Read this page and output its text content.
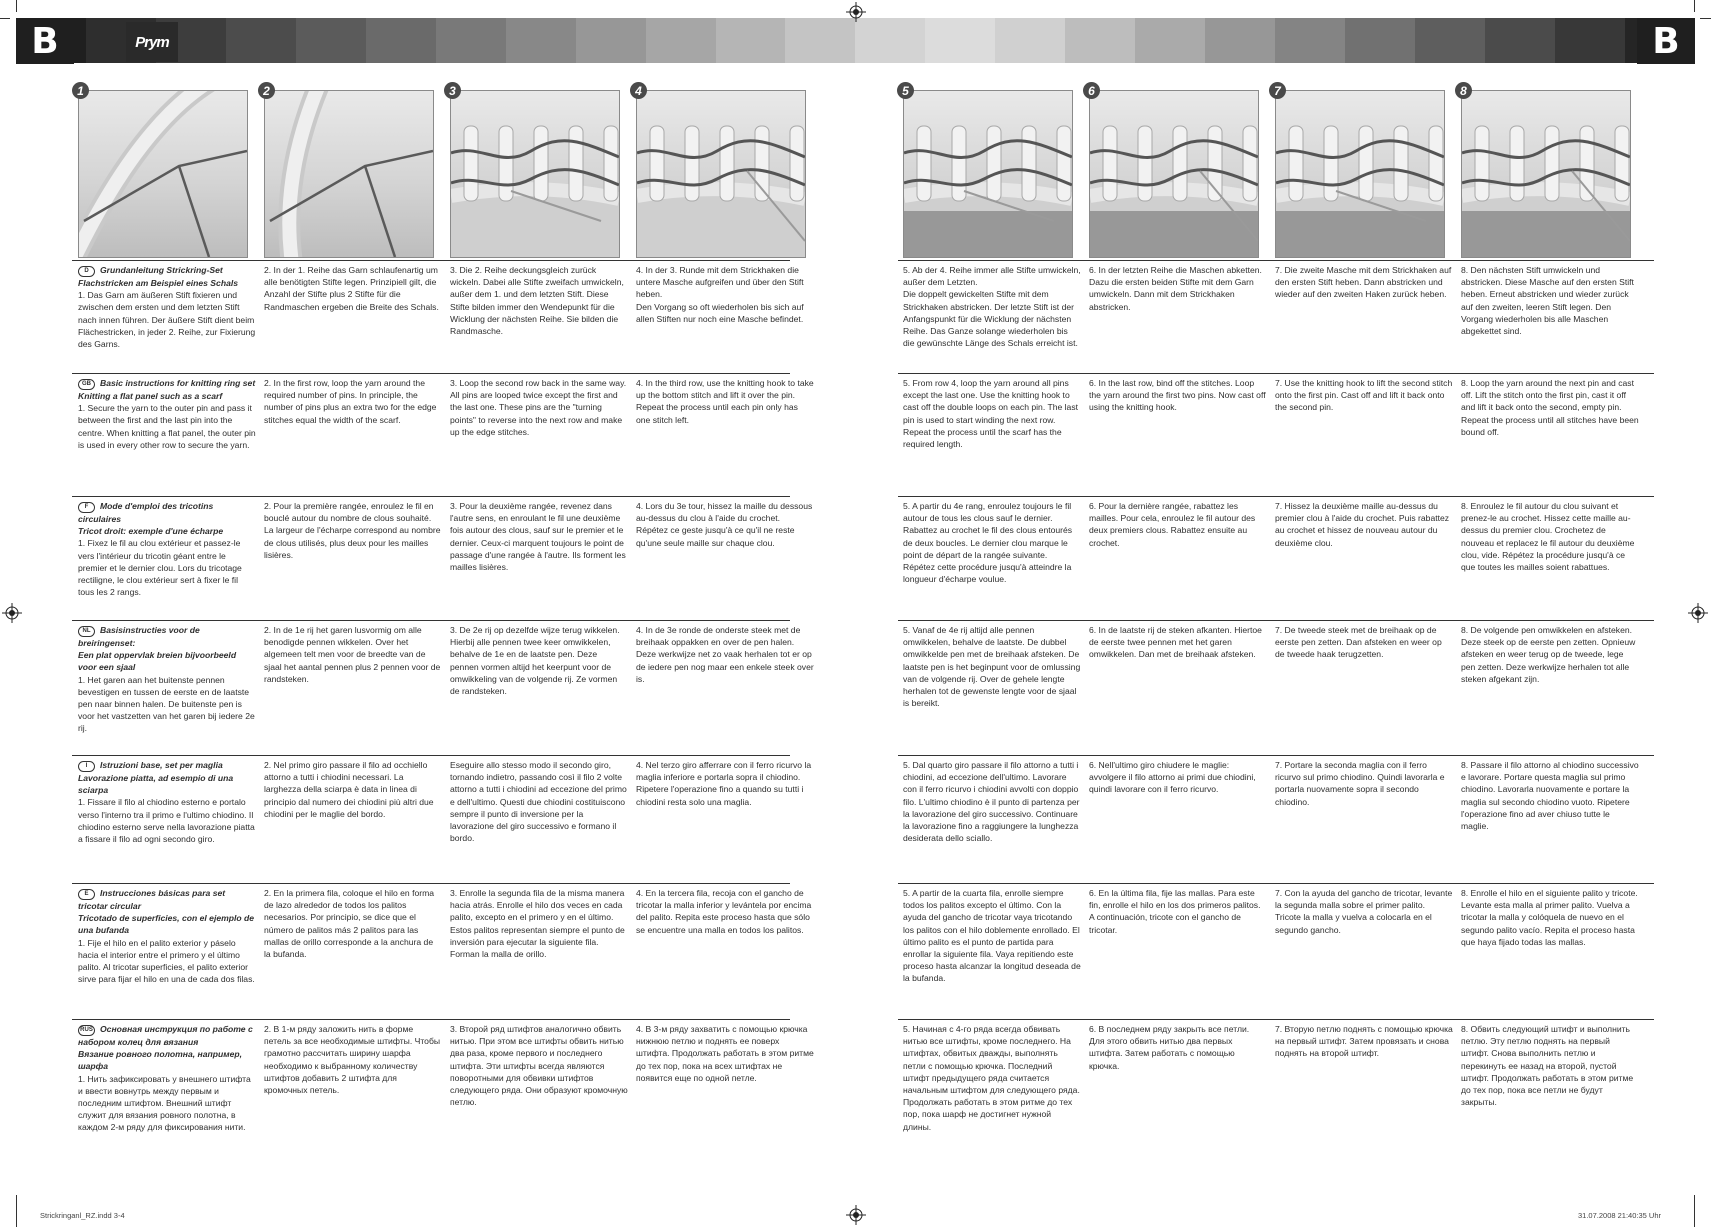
B	B
Prym
1	2	3	4	5	6	7	8
D Grundanleitung Strickring-Set
Flachstricken am Beispiel eines Schals
1. Das Garn am äußeren Stift fixieren und zwischen dem ersten und dem letzten Stift nach innen führen. Der äußere Stift dient beim Flächestricken, in jeder 2. Reihe, zur Fixierung des Garns.
2. In der 1. Reihe das Garn schlaufenartig um alle benötigten Stifte legen. Prinzipiell gilt, die Anzahl der Stifte plus 2 Stifte für die Randmaschen ergeben die Breite des Schals.
3. Die 2. Reihe deckungsgleich zurück wickeln. Dabei alle Stifte zweifach umwickeln, außer dem 1. und dem letzten Stift. Diese Stifte bilden immer den Wendepunkt für die Wicklung der nächsten Reihe. Sie bilden die Randmasche.
4. In der 3. Runde mit dem Strickhaken die untere Masche aufgreifen und über den Stift heben.
Den Vorgang so oft wiederholen bis sich auf allen Stiften nur noch eine Masche befindet.
5. Ab der 4. Reihe immer alle Stifte umwickeln, außer dem Letzten.
Die doppelt gewickelten Stifte mit dem Strickhaken abstricken. Der letzte Stift ist der Anfangspunkt für die Wicklung der nächsten Reihe. Das Ganze solange wiederholen bis die gewünschte Länge des Schals erreicht ist.
6. In der letzten Reihe die Maschen abketten. Dazu die ersten beiden Stifte mit dem Garn umwickeln. Dann mit dem Strickhaken abstricken.
7. Die zweite Masche mit dem Strickhaken auf den ersten Stift heben. Dann abstricken und wieder auf den zweiten Haken zurück heben.
8. Den nächsten Stift umwickeln und abstricken. Diese Masche auf den ersten Stift heben. Erneut abstricken und wieder zurück auf den zweiten, leeren Stift legen. Den Vorgang wiederholen bis alle Maschen abgekettet sind.
GB Basic instructions for knitting ring set
Knitting a flat panel such as a scarf
1. Secure the yarn to the outer pin and pass it between the first and the last pin into the centre. When knitting a flat panel, the outer pin is used in every other row to secure the yarn.
2. In the first row, loop the yarn around the required number of pins. In principle, the number of pins plus an extra two for the edge stitches equal the width of the scarf.
3. Loop the second row back in the same way. All pins are looped twice except the first and the last one. These pins are the "turning points" to reverse into the next row and make up the edge stitches.
4. In the third row, use the knitting hook to take up the bottom stitch and lift it over the pin. Repeat the process until each pin only has one stitch left.
5. From row 4, loop the yarn around all pins except the last one. Use the knitting hook to cast off the double loops on each pin. The last pin is used to start winding the next row. Repeat the process until the scarf has the required length.
6. In the last row, bind off the stitches. Loop the yarn around the first two pins. Now cast off using the knitting hook.
7. Use the knitting hook to lift the second stitch onto the first pin. Cast off and lift it back onto the second pin.
8. Loop the yarn around the next pin and cast off. Lift the stitch onto the first pin, cast it off and lift it back onto the second, empty pin. Repeat the process until all stitches have been bound off.
F Mode d'emploi des tricotins circulaires
Tricot droit: exemple d'une écharpe
1. Fixez le fil au clou extérieur et passez-le vers l'intérieur du tricotin géant entre le premier et le dernier clou. Lors du tricotage rectiligne, le clou extérieur sert à fixer le fil tous les 2 rangs.
2. Pour la première rangée, enroulez le fil en bouclé autour du nombre de clous souhaité. La largeur de l'écharpe correspond au nombre de clous utilisés, plus deux pour les mailles lisières.
3. Pour la deuxième rangée, revenez dans l'autre sens, en enroulant le fil une deuxième fois autour des clous, sauf sur le premier et le dernier. Ceux-ci marquent toujours le point de passage d'une rangée à l'autre. Ils forment les mailles lisières.
4. Lors du 3e tour, hissez la maille du dessous au-dessus du clou à l'aide du crochet. Répétez ce geste jusqu'à ce qu'il ne reste qu'une seule maille sur chaque clou.
5. A partir du 4e rang, enroulez toujours le fil autour de tous les clous sauf le dernier. Rabattez au crochet le fil des clous entourés de deux boucles. Le dernier clou marque le point de départ de la rangée suivante. Répétez cette procédure jusqu'à atteindre la longueur d'écharpe voulue.
6. Pour la dernière rangée, rabattez les mailles. Pour cela, enroulez le fil autour des deux premiers clous. Rabattez ensuite au crochet.
7. Hissez la deuxième maille au-dessus du premier clou à l'aide du crochet. Puis rabattez au crochet et hissez de nouveau autour du deuxième clou.
8. Enroulez le fil autour du clou suivant et prenez-le au crochet. Hissez cette maille au-dessus du premier clou. Crochetez de nouveau et replacez le fil autour du deuxième clou, vide. Répétez la procédure jusqu'à ce que toutes les mailles soient rabattues.
NL Basisinstructies voor de breiringenset:
Een plat oppervlak breien bijvoorbeeld voor een sjaal
1. Het garen aan het buitenste pennen bevestigen en tussen de eerste en de laatste pen naar binnen halen. De buitenste pen is voor het vastzetten van het garen bij iedere 2e rij.
2. In de 1e rij het garen lusvormig om alle benodigde pennen wikkelen. Over het algemeen telt men voor de breedte van de sjaal het aantal pennen plus 2 pennen voor de randsteken.
3. De 2e rij op dezelfde wijze terug wikkelen. Hierbij alle pennen twee keer omwikkelen, behalve de 1e en de laatste pen. Deze pennen vormen altijd het keerpunt voor de omwikkeling van de volgende rij. Ze vormen de randsteken.
4. In de 3e ronde de onderste steek met de breihaak oppakken en over de pen halen. Deze werkwijze net zo vaak herhalen tot er op de iedere pen nog maar een enkele steek over is.
5. Vanaf de 4e rij altijd alle pennen omwikkelen, behalve de laatste. De dubbel omwikkelde pen met de breihaak afsteken. De laatste pen is het beginpunt voor de omlussing van de volgende rij. Over de gehele lengte herhalen tot de gewenste lengte voor de sjaal is bereikt.
6. In de laatste rij de steken afkanten. Hiertoe de eerste twee pennen met het garen omwikkelen. Dan met de breihaak afsteken.
7. De tweede steek met de breihaak op de eerste pen zetten. Dan afsteken en weer op de tweede haak terugzetten.
8. De volgende pen omwikkelen en afsteken. Deze steek op de eerste pen zetten. Opnieuw afsteken en weer terug op de tweede, lege pen zetten. Deze werkwijze herhalen tot alle steken afgekant zijn.
I Istruzioni base, set per maglia
Lavorazione piatta, ad esempio di una sciarpa
1. Fissare il filo al chiodino esterno e portalo verso l'interno tra il primo e l'ultimo chiodino. Il chiodino esterno serve nella lavorazione piatta a fissare il filo ad ogni secondo giro.
2. Nel primo giro passare il filo ad occhiello attorno a tutti i chiodini necessari. La larghezza della sciarpa è data in linea di principio dal numero dei chiodini più altri due chiodini per le maglie del bordo.
Eseguire allo stesso modo il secondo giro, tornando indietro, passando così il filo 2 volte attorno a tutti i chiodini ad eccezione del primo e dell'ultimo. Questi due chiodini costituiscono sempre il punto di inversione per la lavorazione del giro successivo e formano il bordo.
4. Nel terzo giro afferrare con il ferro ricurvo la maglia inferiore e portarla sopra il chiodino. Ripetere l'operazione fino a quando su tutti i chiodini resta solo una maglia.
5. Dal quarto giro passare il filo attorno a tutti i chiodini, ad eccezione dell'ultimo. Lavorare con il ferro ricurvo i chiodini avvolti con doppio filo. L'ultimo chiodino è il punto di partenza per la lavorazione del giro successivo. Continuare la lavorazione fino a raggiungere la lunghezza desiderata dello sciallo.
6. Nell'ultimo giro chiudere le maglie: avvolgere il filo attorno ai primi due chiodini, quindi lavorare con il ferro ricurvo.
7. Portare la seconda maglia con il ferro ricurvo sul primo chiodino. Quindi lavorarla e portarla nuovamente sopra il secondo chiodino.
8. Passare il filo attorno al chiodino successivo e lavorare. Portare questa maglia sul primo chiodino. Lavorarla nuovamente e portare la maglia sul secondo chiodino vuoto. Ripetere l'operazione fino ad aver chiuso tutte le maglie.
E Instrucciones básicas para set tricotar circular
Tricotado de superficies, con el ejemplo de una bufanda
1. Fije el hilo en el palito exterior y páselo hacia el interior entre el primero y el último palito. Al tricotar superficies, el palito exterior sirve para fijar el hilo en una de cada dos filas.
2. En la primera fila, coloque el hilo en forma de lazo alrededor de todos los palitos necesarios. Por principio, se dice que el número de palitos más 2 palitos para las mallas de orillo corresponde a la anchura de la bufanda.
3. Enrolle la segunda fila de la misma manera hacia atrás. Enrolle el hilo dos veces en cada palito, excepto en el primero y en el último. Estos palitos representan siempre el punto de inversión para ejecutar la siguiente fila. Forman la malla de orillo.
4. En la tercera fila, recoja con el gancho de tricotar la malla inferior y levántela por encima del palito. Repita este proceso hasta que sólo se encuentre una malla en todos los palitos.
5. A partir de la cuarta fila, enrolle siempre todos los palitos excepto el último. Con la ayuda del gancho de tricotar vaya tricotando los palitos con el hilo doblemente enrollado. El último palito es el punto de partida para enrollar la siguiente fila. Vaya repitiendo este proceso hasta alcanzar la longitud deseada de la bufanda.
6. En la última fila, fije las mallas. Para este fin, enrolle el hilo en los dos primeros palitos. A continuación, tricote con el gancho de tricotar.
7. Con la ayuda del gancho de tricotar, levante la segunda malla sobre el primer palito. Tricote la malla y vuelva a colocarla en el segundo gancho.
8. Enrolle el hilo en el siguiente palito y tricote. Levante esta malla al primer palito. Vuelva a tricotar la malla y colóquela de nuevo en el segundo palito vacío. Repita el proceso hasta que haya fijado todas las mallas.
RUS Основная инструкция по работе с набором колец для вязания
Вязание ровного полотна, например, шарфа
1. Нить зафиксировать у внешнего штифта и ввести вовнутрь между первым и последним штифтом. Внешний штифт служит для вязания ровного полотна, в каждом 2-м ряду для фиксирования нити.
2. В 1-м ряду заложить нить в форме петель за все необходимые штифты. Чтобы грамотно рассчитать ширину шарфа необходимо к выбранному количеству штифтов добавить 2 штифта для кромочных петель.
3. Второй ряд штифтов аналогично обвить нитью. При этом все штифты обвить нитью два раза, кроме первого и последнего штифта. Эти штифты всегда являются поворотными для обвивки штифтов следующего ряда. Они образуют кромочную петлю.
4. В 3-м ряду захватить с помощью крючка нижнюю петлю и поднять ее поверх штифта. Продолжать работать в этом ритме до тех пор, пока на всех штифтах не появится еще по одной петле.
5. Начиная с 4-го ряда всегда обвивать нитью все штифты, кроме последнего. На штифтах, обвитых дважды, выполнять петли с помощью крючка. Последний штифт предыдущего ряда считается начальным штифтом для следующего ряда. Продолжать работать в этом ритме до тех пор, пока шарф не достигнет нужной длины.
6. В последнем ряду закрыть все петли. Для этого обвить нитью два первых штифта. Затем работать с помощью крючка.
7. Вторую петлю поднять с помощью крючка на первый штифт. Затем провязать и снова поднять на второй штифт.
8. Обвить следующий штифт и выполнить петлю. Эту петлю поднять на первый штифт. Снова выполнить петлю и перекинуть ее назад на второй, пустой штифт. Продолжать работать в этом ритме до тех пор, пока все петли не будут закрыты.
Strickringanl_RZ.indd 3-4	31.07.2008 21:40:35 Uhr
